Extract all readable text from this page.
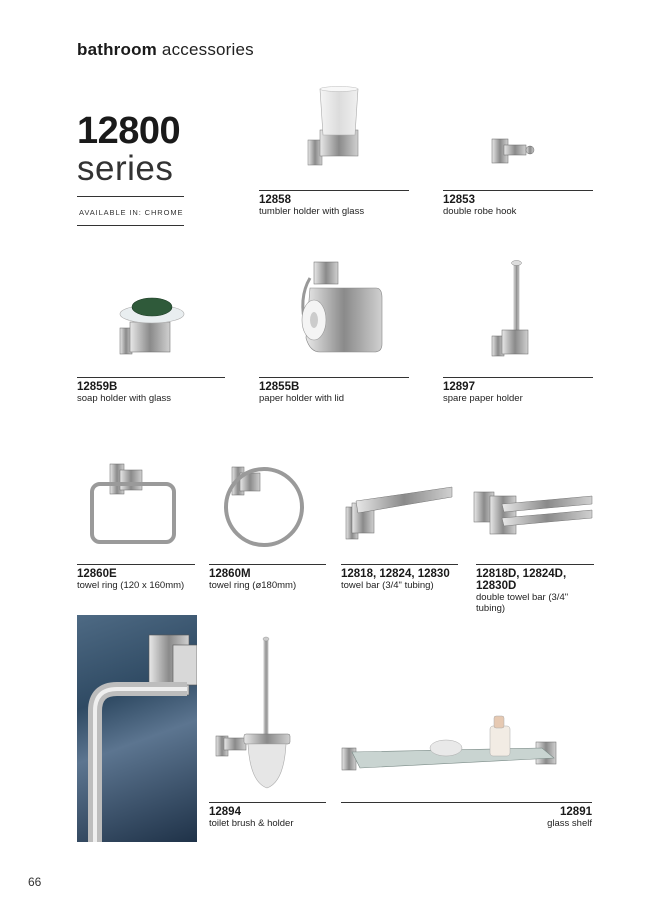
bathroom accessories
12800
series
AVAILABLE IN: CHROME
12858
tumbler holder with glass
12853
double robe hook
12859B
soap holder with glass
12855B
paper holder with lid
12897
spare paper holder
12860E
towel ring (120 x 160mm)
12860M
towel ring (ø180mm)
12818, 12824, 12830
towel bar (3/4" tubing)
12818D, 12824D, 12830D
double towel bar (3/4" tubing)
12894
toilet brush & holder
12891
glass shelf
66
